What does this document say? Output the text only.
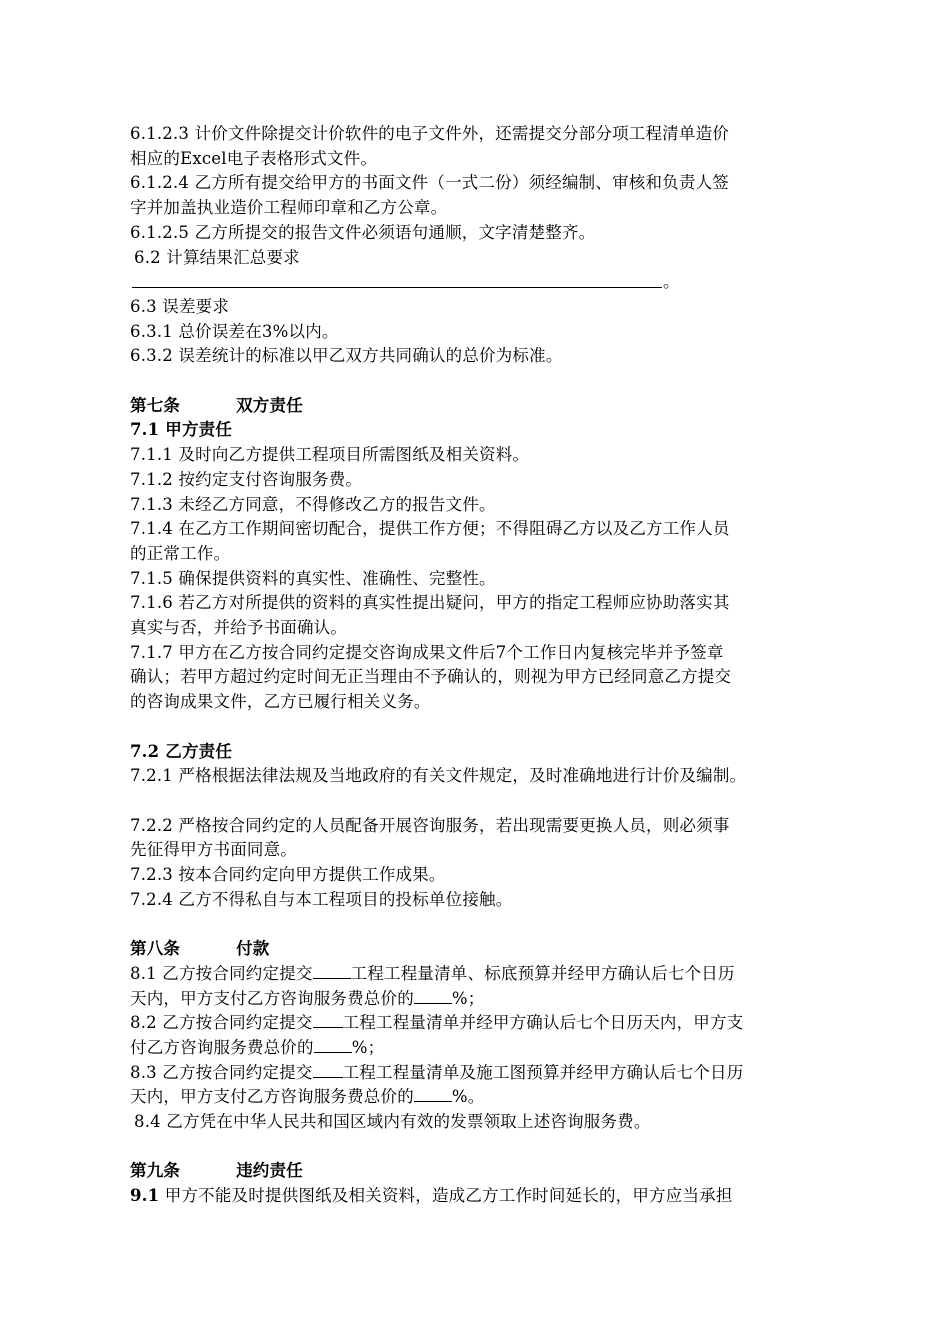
6.1.2.3 计价文件除提交计价软件的电子文件外，还需提交分部分项工程清单造价
相应的Excel电子表格形式文件。
6.1.2.4 乙方所有提交给甲方的书面文件（一式二份）须经编制、审核和负责人签
字并加盖执业造价工程师印章和乙方公章。
6.1.2.5 乙方所提交的报告文件必须语句通顺，文字清楚整齐。
6.2 计算结果汇总要求
。
6.3 误差要求
6.3.1 总价误差在3%以内。
6.3.2 误差统计的标准以甲乙双方共同确认的总价为标准。
第七条	双方责任
7.1 甲方责任
7.1.1 及时向乙方提供工程项目所需图纸及相关资料。
7.1.2 按约定支付咨询服务费。
7.1.3 未经乙方同意，不得修改乙方的报告文件。
7.1.4 在乙方工作期间密切配合，提供工作方便；不得阻碍乙方以及乙方工作人员
的正常工作。
7.1.5 确保提供资料的真实性、准确性、完整性。
7.1.6 若乙方对所提供的资料的真实性提出疑问，甲方的指定工程师应协助落实其
真实与否，并给予书面确认。
7.1.7 甲方在乙方按合同约定提交咨询成果文件后7个工作日内复核完毕并予签章
确认；若甲方超过约定时间无正当理由不予确认的，则视为甲方已经同意乙方提交
的咨询成果文件，乙方已履行相关义务。
7.2 乙方责任
7.2.1 严格根据法律法规及当地政府的有关文件规定，及时准确地进行计价及编制。
7.2.2 严格按合同约定的人员配备开展咨询服务，若出现需要更换人员，则必须事
先征得甲方书面同意。
7.2.3 按本合同约定向甲方提供工作成果。
7.2.4 乙方不得私自与本工程项目的投标单位接触。
第八条	付款
8.1 乙方按合同约定提交 工程工程量清单、标底预算并经甲方确认后七个日历
天内，甲方支付乙方咨询服务费总价的 %；
8.2 乙方按合同约定提交 工程工程量清单并经甲方确认后七个日历天内，甲方支
付乙方咨询服务费总价的 %；
8.3 乙方按合同约定提交 工程工程量清单及施工图预算并经甲方确认后七个日历
天内，甲方支付乙方咨询服务费总价的 %。
8.4 乙方凭在中华人民共和国区域内有效的发票领取上述咨询服务费。
第九条	违约责任
9.1 甲方不能及时提供图纸及相关资料，造成乙方工作时间延长的，甲方应当承担
